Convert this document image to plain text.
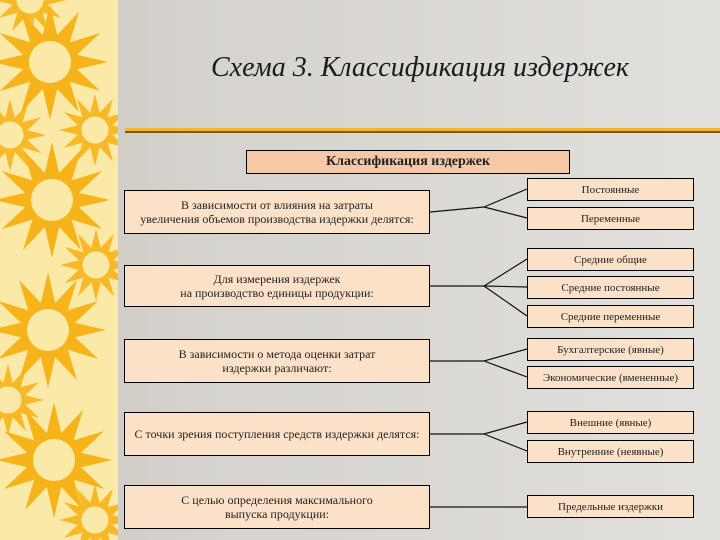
Схема 3. Классификация издержек
Классификация издержек
В зависимости от влияния на затраты
увеличения объемов производства издержки делятся:
Постоянные
Переменные
Для измерения издержек
на производство единицы продукции:
Средние общие
Средние постоянные
Средние переменные
В зависимости о метода оценки затрат
издержки различают:
Бухгалтерские (явные)
Экономические (вмененные)
С точки зрения поступления средств издержки делятся:
Внешние (явные)
Внутренние (неявные)
С целью определения максимального
выпуска продукции:
Предельные издержки
